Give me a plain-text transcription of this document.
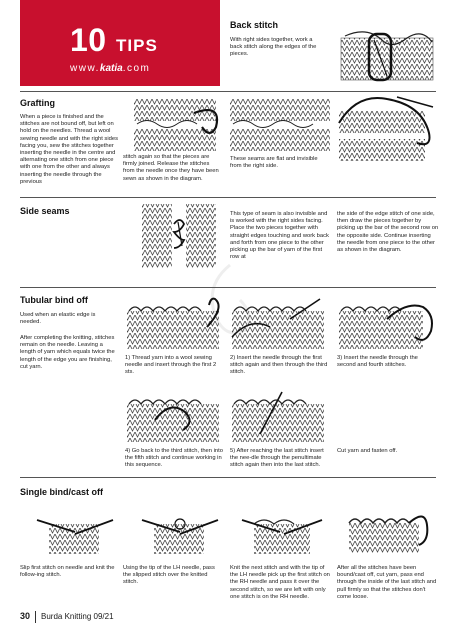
10 TIPS
www.katia.com
Back stitch

With right sides together, work a back stitch along the edges of the pieces.

Grafting

When a piece is finished and the stitches are not bound off, but left on hold on the needles. Thread a wool sewing needle and with the right sides facing you, sew the stitches together inserting the needle in the centre and alternating one stitch from one piece with one from the other and always inserting the needle through the previous

stitch again so that the pieces are firmly joined. Release the stitches from the needle once they have been sewn as shown in the diagram.

These seams are flat and invisible from the right side.

Side seams	This type of seam is also invisible and is worked with the right sides facing. Place the two pieces together with straight edges touching and work back and forth from one piece to the other picking up the bar of yarn of the first row at

the side of the edge stitch of one side, then draw the pieces together by picking up the bar of the second row on the opposite side. Continue inserting the needle from one piece to the other as shown in the diagram.

Tubular bind off

Used when an elastic edge is needed.

After completing the knitting, stitches remain on the needle. Leaving a length of yarn which equals twice the length of the edge you are finishing, cut yarn.

1) Thread yarn into a wool sewing needle and insert through the first 2 sts.

2) Insert the needle through the first stitch again and then through the third stitch.

3) Insert the needle through the second and fourth stitches.

4) Go back to the third stitch, then into the fifth stitch and continue working in this sequence.

5) After reaching the last stitch insert the nee-dle through the penultimate stitch again then into the last stitch.

Cut yarn and fasten off.

Single bind/cast off

Slip first stitch on needle and knit the follow-ing stitch.

Using the tip of the LH needle, pass the slipped stitch over the knitted stitch.

Knit the next stitch and with the tip of the LH needle pick up the first stitch on the RH needle and pass it over the second stitch, so we are left with only one stitch is on the RH needle.

After all the stitches have been bound/cast off, cut yarn, pass end through the inside of the last stitch and pull firmly so that the stitches don't come loose.

30 Burda Knitting 09/21
